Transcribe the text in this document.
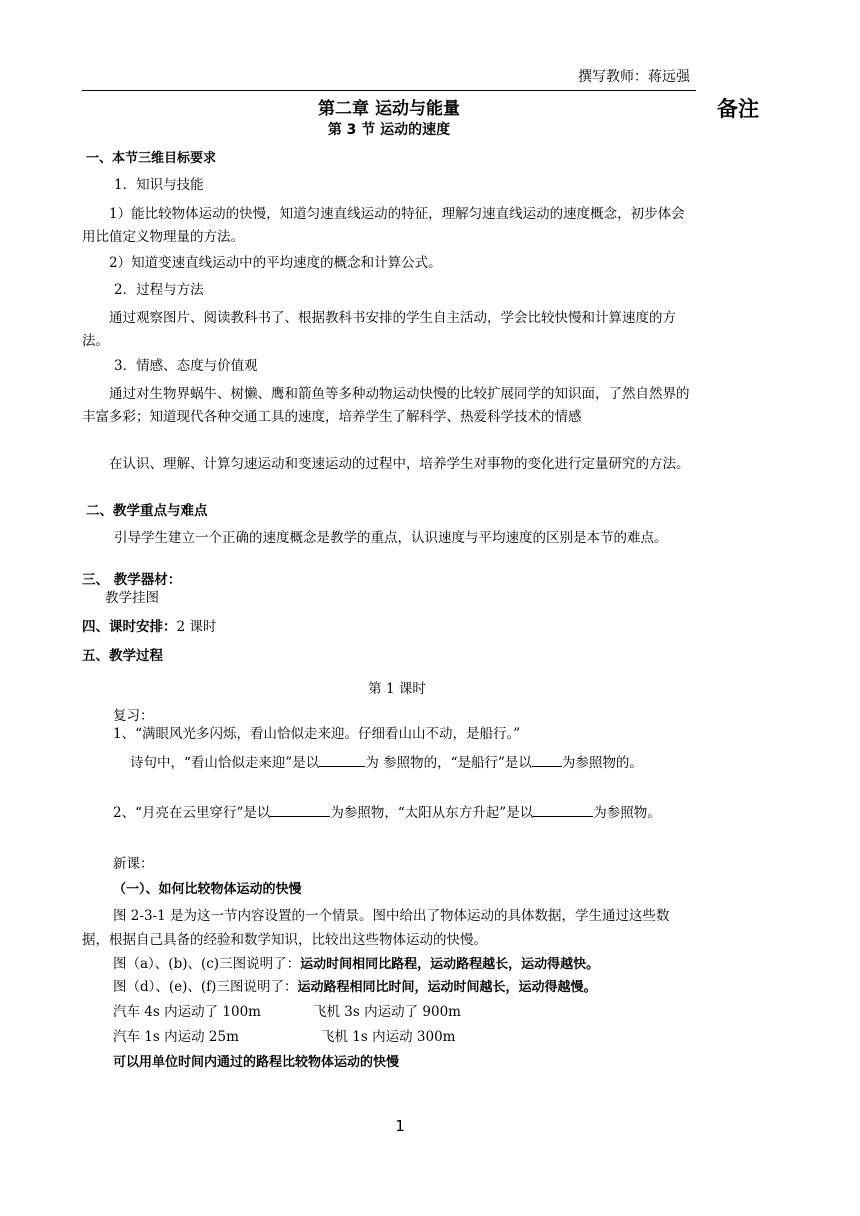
撰写教师：蒋远强
备注
第二章 运动与能量
第 3 节 运动的速度
一、本节三维目标要求
1．知识与技能
1）能比较物体运动的快慢，知道匀速直线运动的特征，理解匀速直线运动的速度概念，初步体会用比值定义物理量的方法。
2）知道变速直线运动中的平均速度的概念和计算公式。
2．过程与方法
通过观察图片、阅读教科书了、根据教科书安排的学生自主活动，学会比较快慢和计算速度的方法。
3．情感、态度与价值观
通过对生物界蜗牛、树懒、鹰和箭鱼等多种动物运动快慢的比较扩展同学的知识面，了然自然界的丰富多彩；知道现代各种交通工具的速度，培养学生了解科学、热爱科学技术的情感
在认识、理解、计算匀速运动和变速运动的过程中，培养学生对事物的变化进行定量研究的方法。
二、教学重点与难点
引导学生建立一个正确的速度概念是教学的重点，认识速度与平均速度的区别是本节的难点。
三、 教学器材：
教学挂图
四、课时安排：2 课时
五、教学过程
第 1 课时
复习：
1、“满眼风光多闪烁，看山恰似走来迎。仔细看山山不动，是船行。”
诗句中，“看山恰似走来迎”是以	为 参照物的，“是船行”是以 为参照物的。
2、“月亮在云里穿行”是以	为参照物，“太阳从东方升起”是以	为参照物。
新课：
（一）、如何比较物体运动的快慢
图 2-3-1 是为这一节内容设置的一个情景。图中给出了物体运动的具体数据，学生通过这些数据，根据自己具备的经验和数学知识，比较出这些物体运动的快慢。
图（a）、(b)、(c)三图说明了：运动时间相同比路程，运动路程越长，运动得越快。
图（d）、(e)、(f)三图说明了：运动路程相同比时间，运动时间越长，运动得越慢。
汽车 4s 内运动了 100m	飞机 3s 内运动了 900m
汽车 1s 内运动 25m	飞机 1s 内运动 300m
可以用单位时间内通过的路程比较物体运动的快慢
1
